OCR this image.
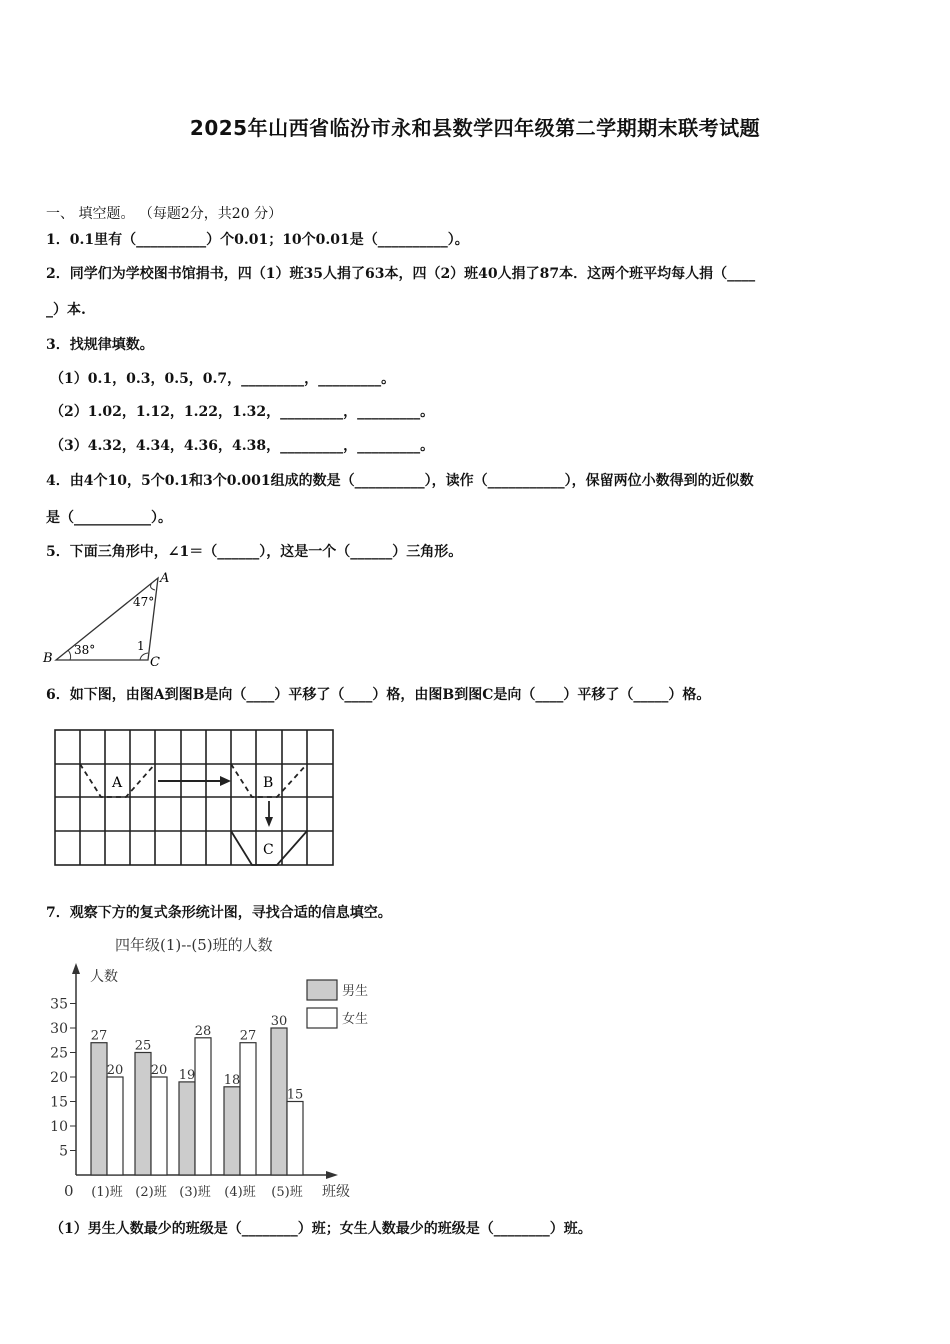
2025年山西省临汾市永和县数学四年级第二学期期末联考试题
一、 填空题。 （每题2分，共20 分）
1．0.1里有（__________）个0.01；10个0.01是（__________）。
2．同学们为学校图书馆捐书，四（1）班35人捐了63本，四（2）班40人捐了87本．这两个班平均每人捐（____
_）本.
3．找规律填数。
（1）0.1，0.3，0.5，0.7，_________，_________。
（2）1.02，1.12，1.22，1.32，_________，_________。
（3）4.32，4.34，4.36，4.38，_________，_________。
4．由4个10，5个0.1和3个0.001组成的数是（__________），读作（___________），保留两位小数得到的近似数
是（___________）。
5．下面三角形中，∠1＝（______），这是一个（______）三角形。
A
B	C
47°
38°	1
6．如下图，由图A到图B是向（____）平移了（____）格，由图B到图C是向（____）平移了（_____）格。
A	B
C
7．观察下方的复式条形统计图，寻找合适的信息填空。
四年级(1)--(5)班的人数
人数
班级
0
5
10
15
20
25
30
35
27
20
(1)班
25
20
(2)班
19
28
(3)班
18
27
(4)班
30
15
(5)班
男生
女生
（1）男生人数最少的班级是（________）班；女生人数最少的班级是（________）班。
